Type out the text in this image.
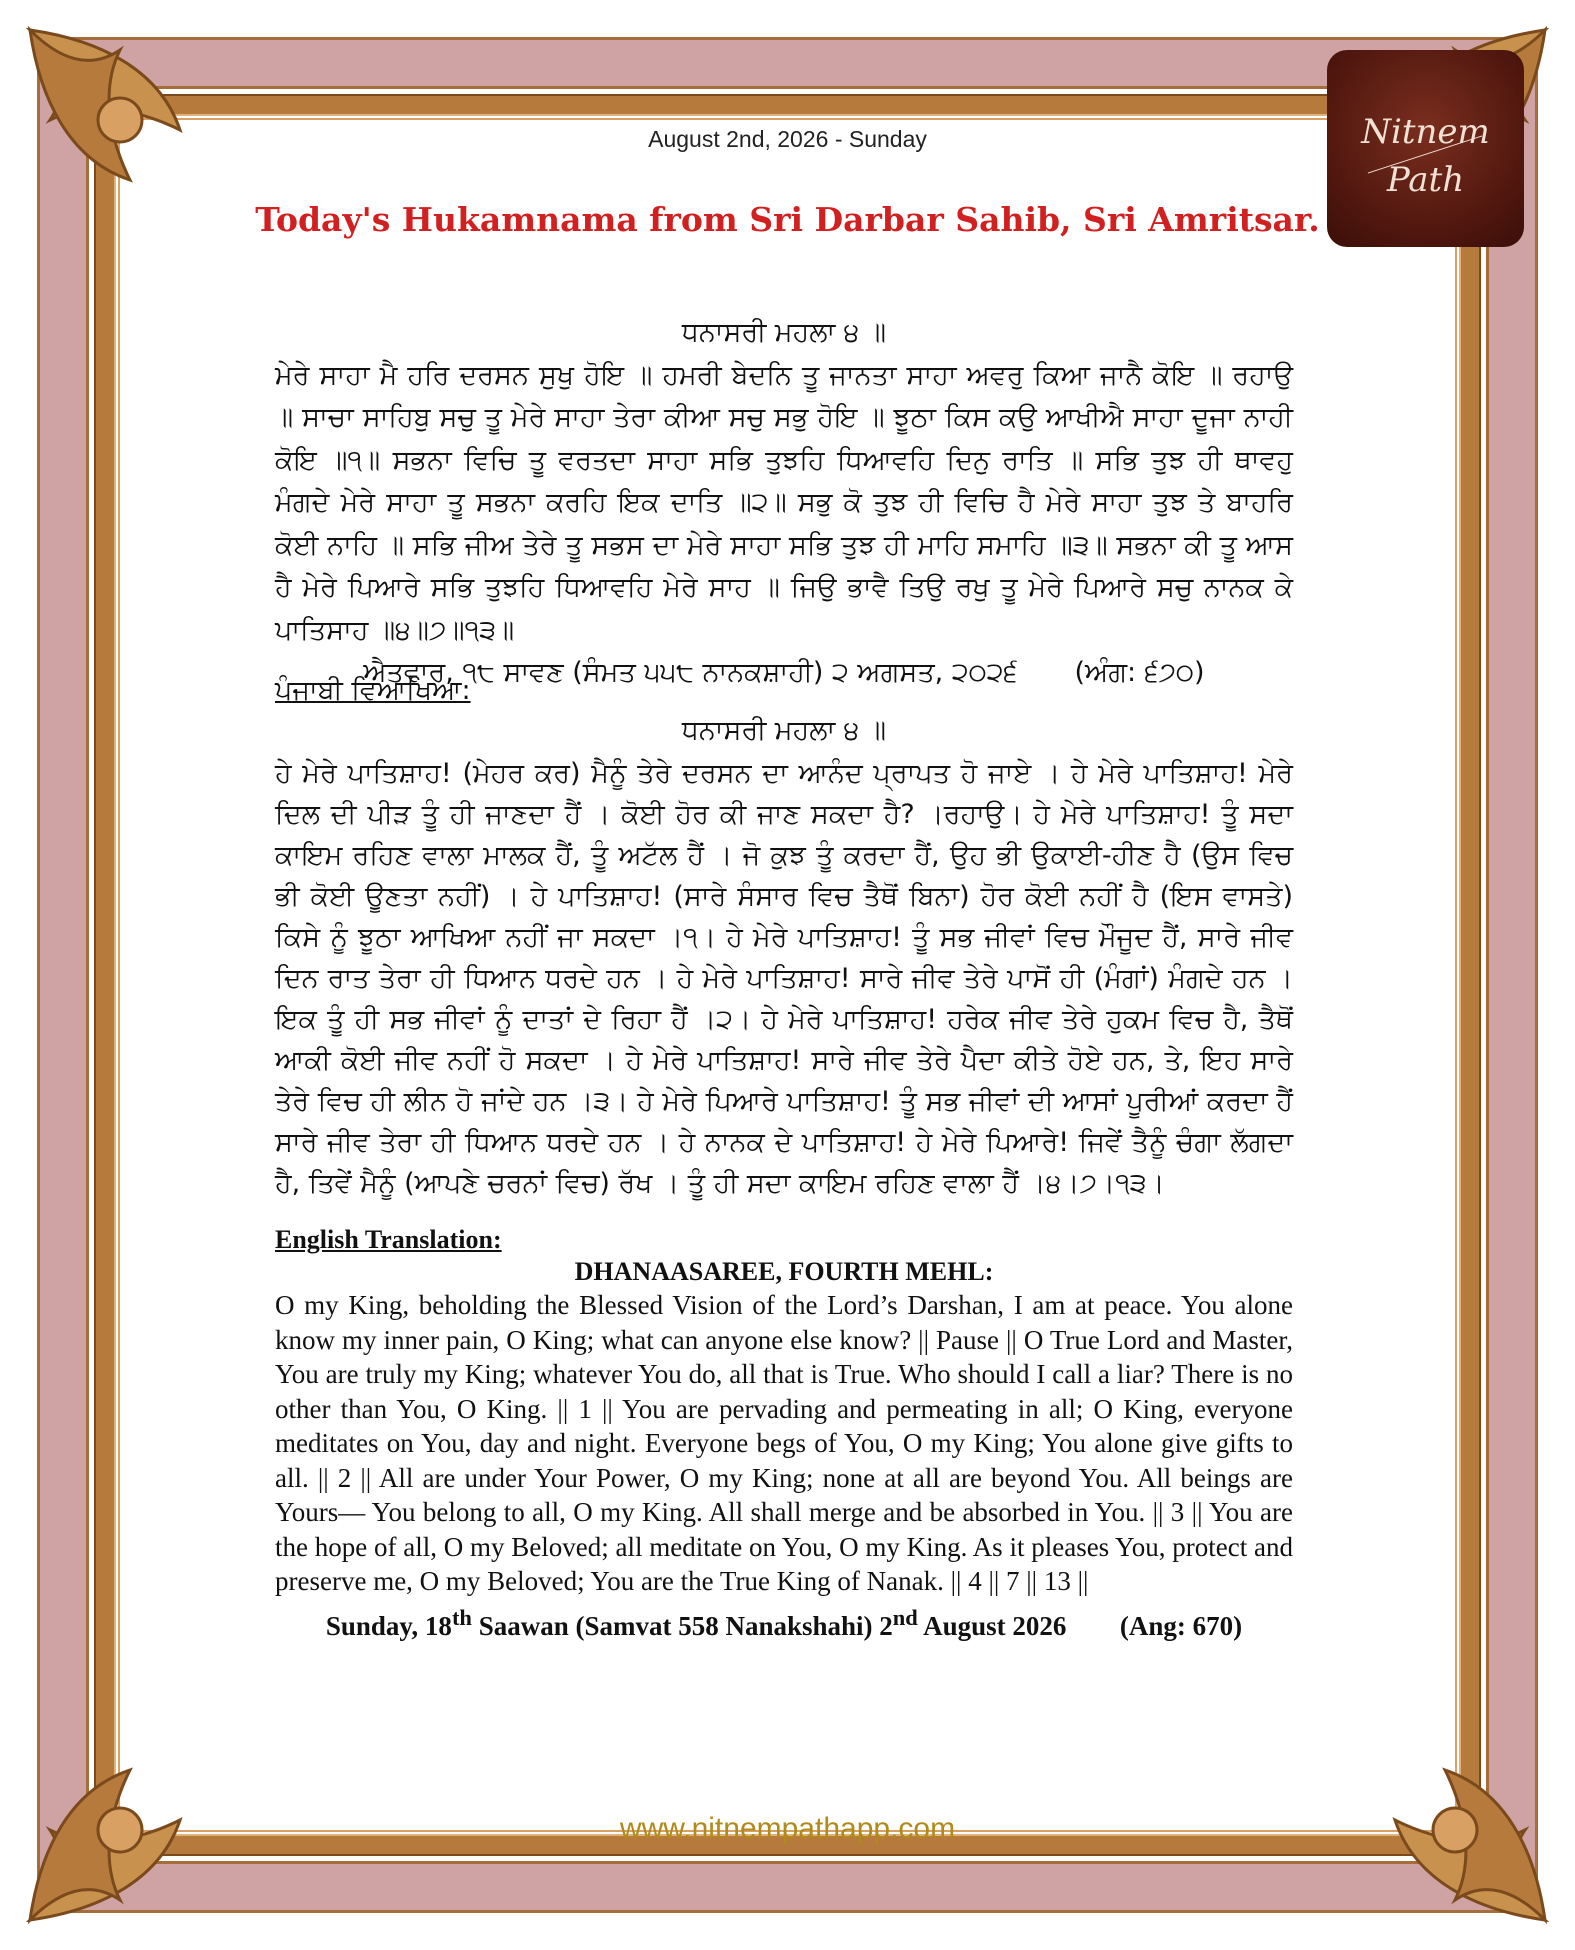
Nitnem
Path
August 2nd, 2026 - Sunday
Today's Hukamnama from Sri Darbar Sahib, Sri Amritsar.
ਧਨਾਸਰੀ ਮਹਲਾ ੪ ॥
ਮੇਰੇ ਸਾਹਾ ਮੈ ਹਰਿ ਦਰਸਨ ਸੁਖੁ ਹੋਇ ॥ ਹਮਰੀ ਬੇਦਨਿ ਤੂ ਜਾਨਤਾ ਸਾਹਾ ਅਵਰੁ ਕਿਆ ਜਾਨੈ ਕੋਇ ॥ ਰਹਾਉ ॥ ਸਾਚਾ ਸਾਹਿਬੁ ਸਚੁ ਤੂ ਮੇਰੇ ਸਾਹਾ ਤੇਰਾ ਕੀਆ ਸਚੁ ਸਭੁ ਹੋਇ ॥ ਝੂਠਾ ਕਿਸ ਕਉ ਆਖੀਐ ਸਾਹਾ ਦੂਜਾ ਨਾਹੀ ਕੋਇ ॥੧॥ ਸਭਨਾ ਵਿਚਿ ਤੂ ਵਰਤਦਾ ਸਾਹਾ ਸਭਿ ਤੁਝਹਿ ਧਿਆਵਹਿ ਦਿਨੁ ਰਾਤਿ ॥ ਸਭਿ ਤੁਝ ਹੀ ਥਾਵਹੁ ਮੰਗਦੇ ਮੇਰੇ ਸਾਹਾ ਤੂ ਸਭਨਾ ਕਰਹਿ ਇਕ ਦਾਤਿ ॥੨॥ ਸਭੁ ਕੋ ਤੁਝ ਹੀ ਵਿਚਿ ਹੈ ਮੇਰੇ ਸਾਹਾ ਤੁਝ ਤੇ ਬਾਹਰਿ ਕੋਈ ਨਾਹਿ ॥ ਸਭਿ ਜੀਅ ਤੇਰੇ ਤੂ ਸਭਸ ਦਾ ਮੇਰੇ ਸਾਹਾ ਸਭਿ ਤੁਝ ਹੀ ਮਾਹਿ ਸਮਾਹਿ ॥੩॥ ਸਭਨਾ ਕੀ ਤੂ ਆਸ ਹੈ ਮੇਰੇ ਪਿਆਰੇ ਸਭਿ ਤੁਝਹਿ ਧਿਆਵਹਿ ਮੇਰੇ ਸਾਹ ॥ ਜਿਉ ਭਾਵੈ ਤਿਉ ਰਖੁ ਤੂ ਮੇਰੇ ਪਿਆਰੇ ਸਚੁ ਨਾਨਕ ਕੇ ਪਾਤਿਸਾਹ ॥੪॥੭॥੧੩॥
ਐਤਵਾਰ, ੧੮ ਸਾਵਣ (ਸੰਮਤ ੫੫੮ ਨਾਨਕਸ਼ਾਹੀ) ੨ ਅਗਸਤ, ੨੦੨੬ (ਅੰਗ: ੬੭੦)
ਪੰਜਾਬੀ ਵਿਆਖਿਆ:
ਧਨਾਸਰੀ ਮਹਲਾ ੪ ॥
ਹੇ ਮੇਰੇ ਪਾਤਿਸ਼ਾਹ! (ਮੇਹਰ ਕਰ) ਮੈਨੂੰ ਤੇਰੇ ਦਰਸਨ ਦਾ ਆਨੰਦ ਪ੍ਰਾਪਤ ਹੋ ਜਾਏ । ਹੇ ਮੇਰੇ ਪਾਤਿਸ਼ਾਹ! ਮੇਰੇ ਦਿਲ ਦੀ ਪੀੜ ਤੂੰ ਹੀ ਜਾਣਦਾ ਹੈਂ । ਕੋਈ ਹੋਰ ਕੀ ਜਾਣ ਸਕਦਾ ਹੈ? ।ਰਹਾਉ। ਹੇ ਮੇਰੇ ਪਾਤਿਸ਼ਾਹ! ਤੂੰ ਸਦਾ ਕਾਇਮ ਰਹਿਣ ਵਾਲਾ ਮਾਲਕ ਹੈਂ, ਤੂੰ ਅਟੱਲ ਹੈਂ । ਜੋ ਕੁਝ ਤੂੰ ਕਰਦਾ ਹੈਂ, ਉਹ ਭੀ ਉਕਾਈ-ਹੀਣ ਹੈ (ਉਸ ਵਿਚ ਭੀ ਕੋਈ ਊਣਤਾ ਨਹੀਂ) । ਹੇ ਪਾਤਿਸ਼ਾਹ! (ਸਾਰੇ ਸੰਸਾਰ ਵਿਚ ਤੈਥੋਂ ਬਿਨਾ) ਹੋਰ ਕੋਈ ਨਹੀਂ ਹੈ (ਇਸ ਵਾਸਤੇ) ਕਿਸੇ ਨੂੰ ਝੂਠਾ ਆਖਿਆ ਨਹੀਂ ਜਾ ਸਕਦਾ ।੧। ਹੇ ਮੇਰੇ ਪਾਤਿਸ਼ਾਹ! ਤੂੰ ਸਭ ਜੀਵਾਂ ਵਿਚ ਮੌਜੂਦ ਹੈਂ, ਸਾਰੇ ਜੀਵ ਦਿਨ ਰਾਤ ਤੇਰਾ ਹੀ ਧਿਆਨ ਧਰਦੇ ਹਨ । ਹੇ ਮੇਰੇ ਪਾਤਿਸ਼ਾਹ! ਸਾਰੇ ਜੀਵ ਤੇਰੇ ਪਾਸੋਂ ਹੀ (ਮੰਗਾਂ) ਮੰਗਦੇ ਹਨ । ਇਕ ਤੂੰ ਹੀ ਸਭ ਜੀਵਾਂ ਨੂੰ ਦਾਤਾਂ ਦੇ ਰਿਹਾ ਹੈਂ ।੨। ਹੇ ਮੇਰੇ ਪਾਤਿਸ਼ਾਹ! ਹਰੇਕ ਜੀਵ ਤੇਰੇ ਹੁਕਮ ਵਿਚ ਹੈ, ਤੈਥੋਂ ਆਕੀ ਕੋਈ ਜੀਵ ਨਹੀਂ ਹੋ ਸਕਦਾ । ਹੇ ਮੇਰੇ ਪਾਤਿਸ਼ਾਹ! ਸਾਰੇ ਜੀਵ ਤੇਰੇ ਪੈਦਾ ਕੀਤੇ ਹੋਏ ਹਨ, ਤੇ, ਇਹ ਸਾਰੇ ਤੇਰੇ ਵਿਚ ਹੀ ਲੀਨ ਹੋ ਜਾਂਦੇ ਹਨ ।੩। ਹੇ ਮੇਰੇ ਪਿਆਰੇ ਪਾਤਿਸ਼ਾਹ! ਤੂੰ ਸਭ ਜੀਵਾਂ ਦੀ ਆਸਾਂ ਪੂਰੀਆਂ ਕਰਦਾ ਹੈਂ ਸਾਰੇ ਜੀਵ ਤੇਰਾ ਹੀ ਧਿਆਨ ਧਰਦੇ ਹਨ । ਹੇ ਨਾਨਕ ਦੇ ਪਾਤਿਸ਼ਾਹ! ਹੇ ਮੇਰੇ ਪਿਆਰੇ! ਜਿਵੇਂ ਤੈਨੂੰ ਚੰਗਾ ਲੱਗਦਾ ਹੈ, ਤਿਵੇਂ ਮੈਨੂੰ (ਆਪਣੇ ਚਰਨਾਂ ਵਿਚ) ਰੱਖ । ਤੂੰ ਹੀ ਸਦਾ ਕਾਇਮ ਰਹਿਣ ਵਾਲਾ ਹੈਂ ।੪।੭।੧੩।
English Translation:
DHANAASAREE, FOURTH MEHL:
O my King, beholding the Blessed Vision of the Lord’s Darshan, I am at peace. You alone know my inner pain, O King; what can anyone else know? || Pause || O True Lord and Master, You are truly my King; whatever You do, all that is True. Who should I call a liar? There is no other than You, O King. || 1 || You are pervading and permeating in all; O King, everyone meditates on You, day and night. Everyone begs of You, O my King; You alone give gifts to all. || 2 || All are under Your Power, O my King; none at all are beyond You. All beings are Yours— You belong to all, O my King. All shall merge and be absorbed in You. || 3 || You are the hope of all, O my Beloved; all meditate on You, O my King. As it pleases You, protect and preserve me, O my Beloved; You are the True King of Nanak. || 4 || 7 || 13 ||
Sunday, 18th Saawan (Samvat 558 Nanakshahi) 2nd August 2026 (Ang: 670)
www.nitnempathapp.com
